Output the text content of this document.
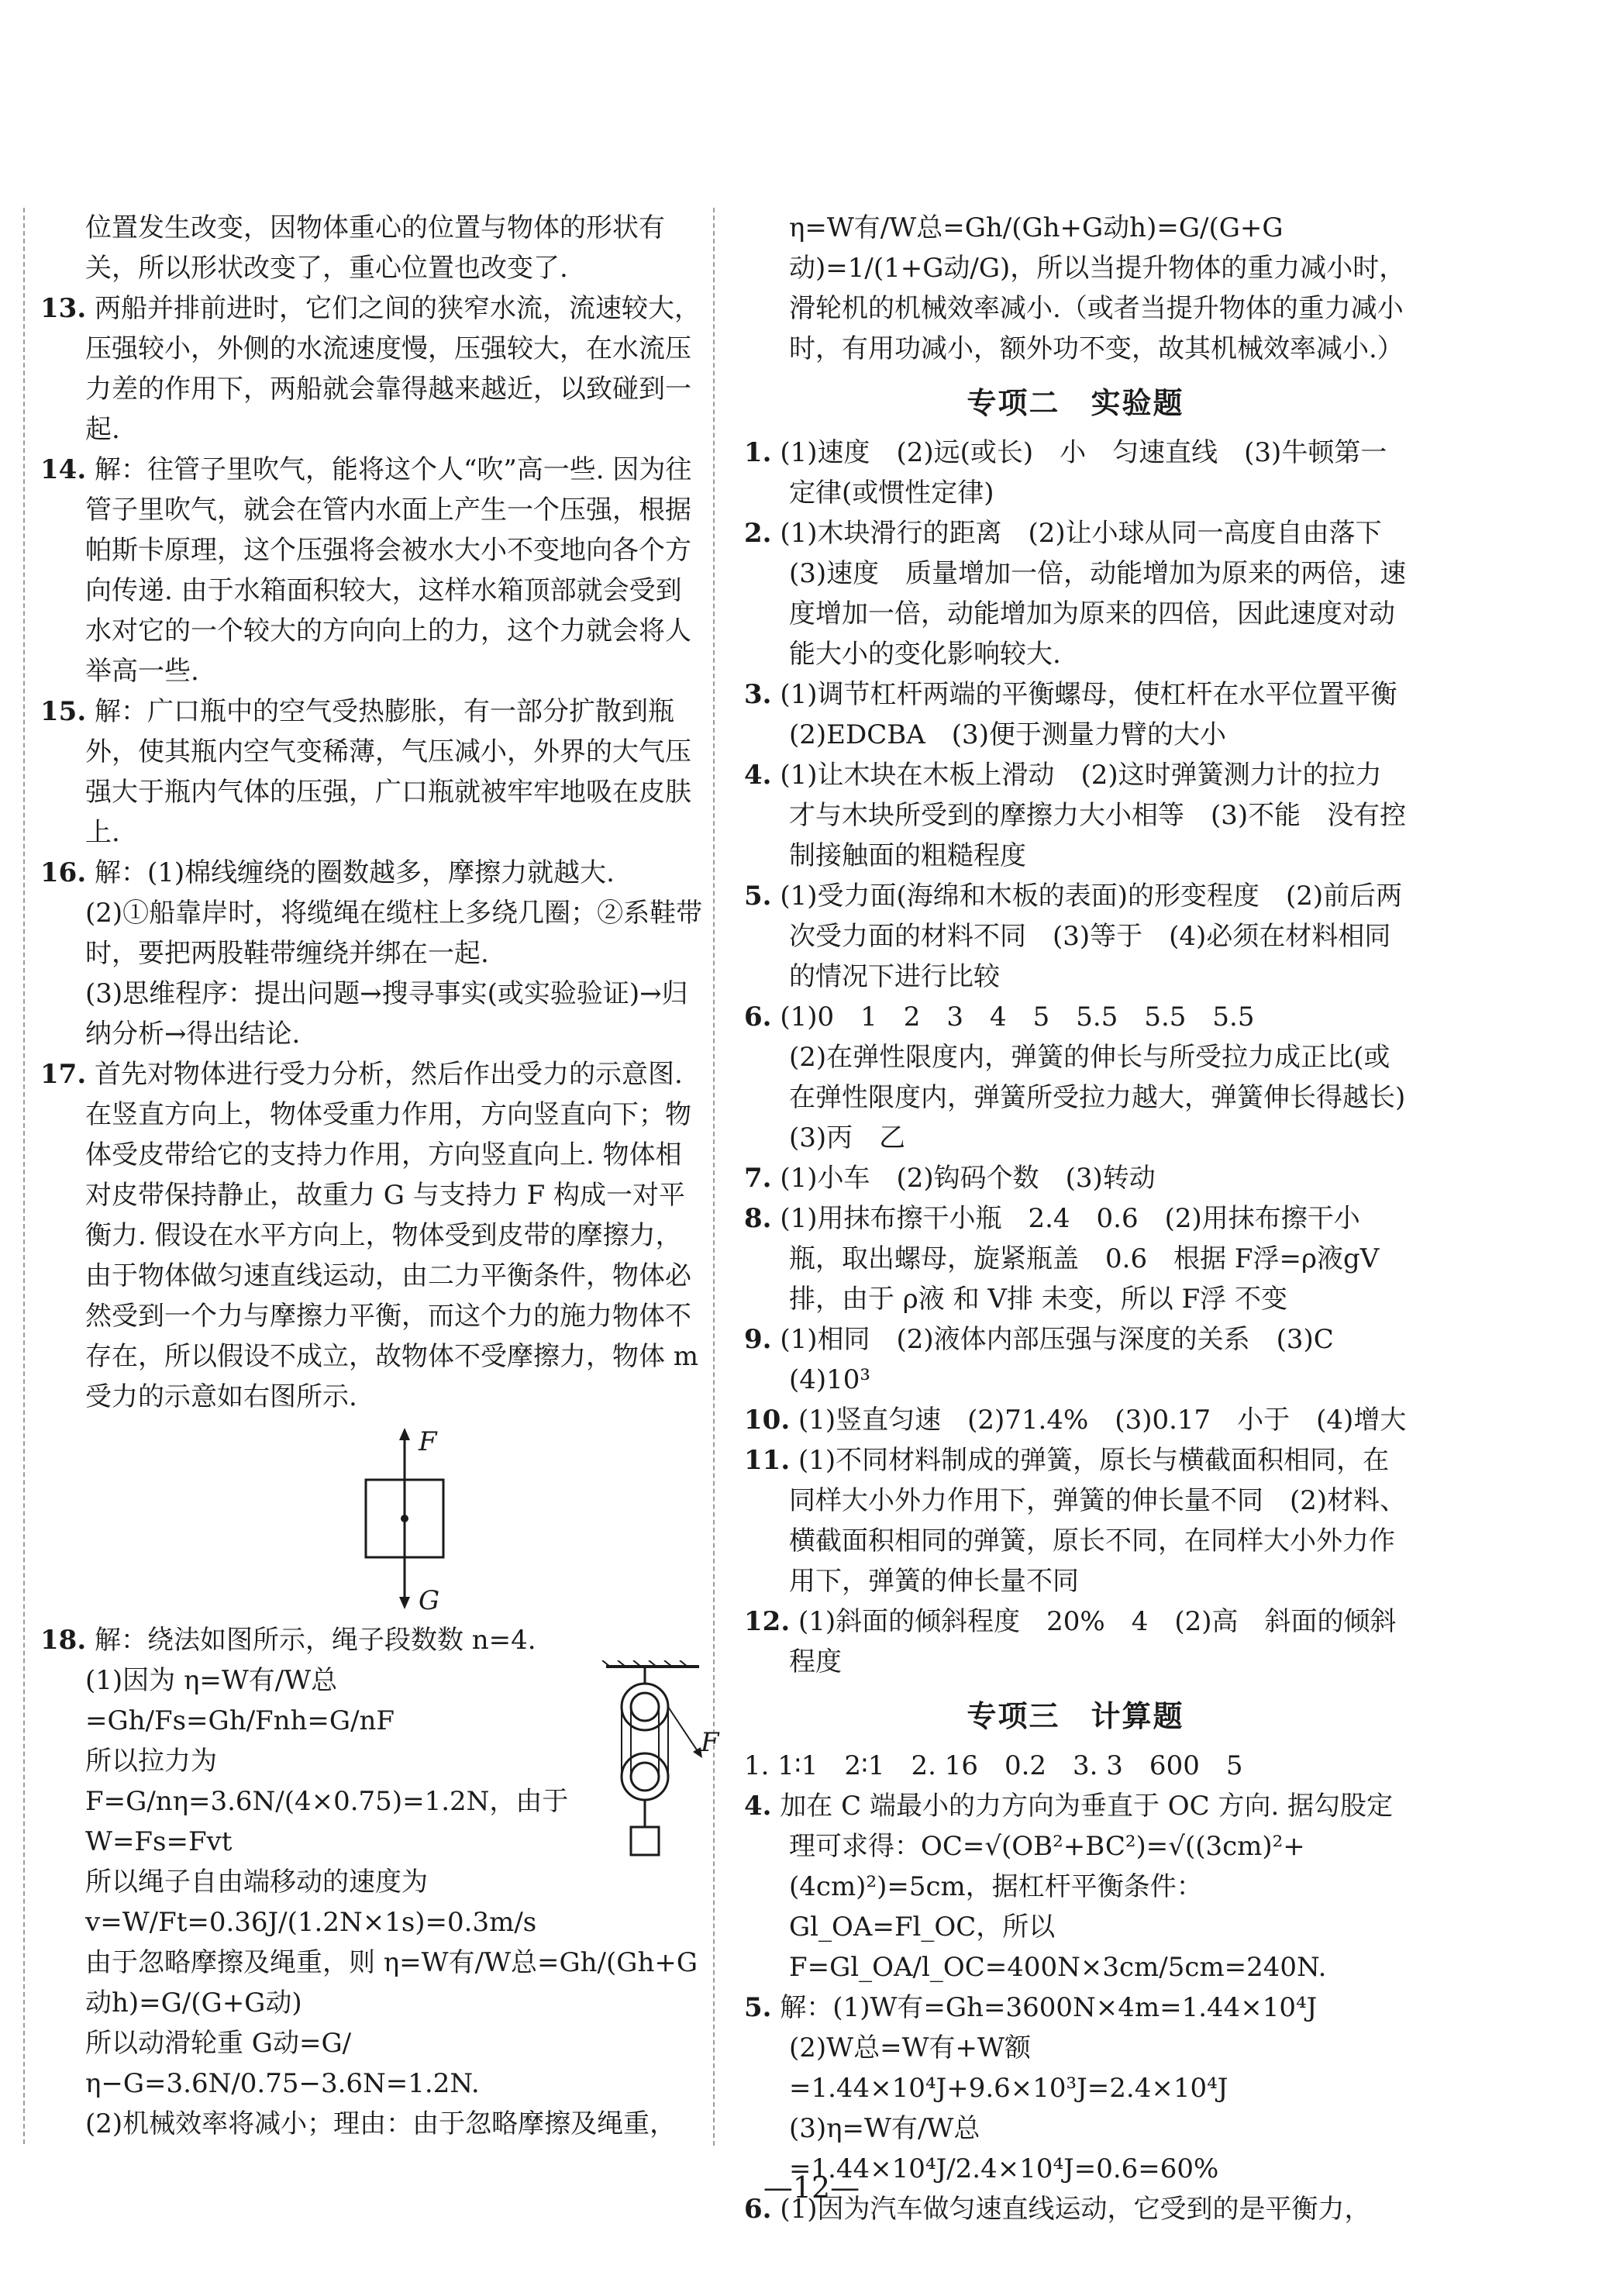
位置发生改变，因物体重心的位置与物体的形状有关，所以形状改变了，重心位置也改变了.
13. 两船并排前进时，它们之间的狭窄水流，流速较大，压强较小，外侧的水流速度慢，压强较大，在水流压力差的作用下，两船就会靠得越来越近，以致碰到一起.
14. 解：往管子里吹气，能将这个人“吹”高一些. 因为往管子里吹气，就会在管内水面上产生一个压强，根据帕斯卡原理，这个压强将会被水大小不变地向各个方向传递. 由于水箱面积较大，这样水箱顶部就会受到水对它的一个较大的方向向上的力，这个力就会将人举高一些.
15. 解：广口瓶中的空气受热膨胀，有一部分扩散到瓶外，使其瓶内空气变稀薄，气压减小，外界的大气压强大于瓶内气体的压强，广口瓶就被牢牢地吸在皮肤上.
16. 解：(1)棉线缠绕的圈数越多，摩擦力就越大.
(2)①船靠岸时，将缆绳在缆柱上多绕几圈；②系鞋带时，要把两股鞋带缠绕并绑在一起.
(3)思维程序：提出问题→搜寻事实(或实验验证)→归纳分析→得出结论.
17. 首先对物体进行受力分析，然后作出受力的示意图. 在竖直方向上，物体受重力作用，方向竖直向下；物体受皮带给它的支持力作用，方向竖直向上. 物体相对皮带保持静止，故重力 G 与支持力 F 构成一对平衡力. 假设在水平方向上，物体受到皮带的摩擦力，由于物体做匀速直线运动，由二力平衡条件，物体必然受到一个力与摩擦力平衡，而这个力的施力物体不存在，所以假设不成立，故物体不受摩擦力，物体 m 受力的示意如右图所示.
F
G
18. 解：绕法如图所示，绳子段数数 n=4.
F
(1)因为 η=W有/W总=Gh/Fs=Gh/Fnh=G/nF
所以拉力为 F=G/nη=3.6N/(4×0.75)=1.2N，由于 W=Fs=Fvt
所以绳子自由端移动的速度为 v=W/Ft=0.36J/(1.2N×1s)=0.3m/s
由于忽略摩擦及绳重，则 η=W有/W总=Gh/(Gh+G动h)=G/(G+G动)
所以动滑轮重 G动=G/η−G=3.6N/0.75−3.6N=1.2N.
(2)机械效率将减小；理由：由于忽略摩擦及绳重，
η=W有/W总=Gh/(Gh+G动h)=G/(G+G动)=1/(1+G动/G)，所以当提升物体的重力减小时，滑轮机的机械效率减小.（或者当提升物体的重力减小时，有用功减小，额外功不变，故其机械效率减小.）
专项二　实验题
1. (1)速度　(2)远(或长)　小　匀速直线　(3)牛顿第一定律(或惯性定律)
2. (1)木块滑行的距离　(2)让小球从同一高度自由落下　(3)速度　质量增加一倍，动能增加为原来的两倍，速度增加一倍，动能增加为原来的四倍，因此速度对动能大小的变化影响较大.
3. (1)调节杠杆两端的平衡螺母，使杠杆在水平位置平衡　(2)EDCBA　(3)便于测量力臂的大小
4. (1)让木块在木板上滑动　(2)这时弹簧测力计的拉力才与木块所受到的摩擦力大小相等　(3)不能　没有控制接触面的粗糙程度
5. (1)受力面(海绵和木板的表面)的形变程度　(2)前后两次受力面的材料不同　(3)等于　(4)必须在材料相同的情况下进行比较
6. (1)0　1　2　3　4　5　5.5　5.5　5.5
(2)在弹性限度内，弹簧的伸长与所受拉力成正比(或在弹性限度内，弹簧所受拉力越大，弹簧伸长得越长)　(3)丙　乙
7. (1)小车　(2)钩码个数　(3)转动
8. (1)用抹布擦干小瓶　2.4　0.6　(2)用抹布擦干小瓶，取出螺母，旋紧瓶盖　0.6　根据 F浮=ρ液gV排，由于 ρ液 和 V排 未变，所以 F浮 不变
9. (1)相同　(2)液体内部压强与深度的关系　(3)C　(4)10³
10. (1)竖直匀速　(2)71.4%　(3)0.17　小于　(4)增大
11. (1)不同材料制成的弹簧，原长与横截面积相同，在同样大小外力作用下，弹簧的伸长量不同　(2)材料、横截面积相同的弹簧，原长不同，在同样大小外力作用下，弹簧的伸长量不同
12. (1)斜面的倾斜程度　20%　4　(2)高　斜面的倾斜程度
专项三　计算题
1. 1∶1　2∶1　2. 16　0.2　3. 3　600　5
4. 加在 C 端最小的力方向为垂直于 OC 方向. 据勾股定理可求得：OC=√(OB²+BC²)=√((3cm)²+(4cm)²)=5cm，据杠杆平衡条件：Gl_OA=Fl_OC，所以 F=Gl_OA/l_OC=400N×3cm/5cm=240N.
5. 解：(1)W有=Gh=3600N×4m=1.44×10⁴J
(2)W总=W有+W额=1.44×10⁴J+9.6×10³J=2.4×10⁴J
(3)η=W有/W总=1.44×10⁴J/2.4×10⁴J=0.6=60%
6. (1)因为汽车做匀速直线运动，它受到的是平衡力，
—12—
